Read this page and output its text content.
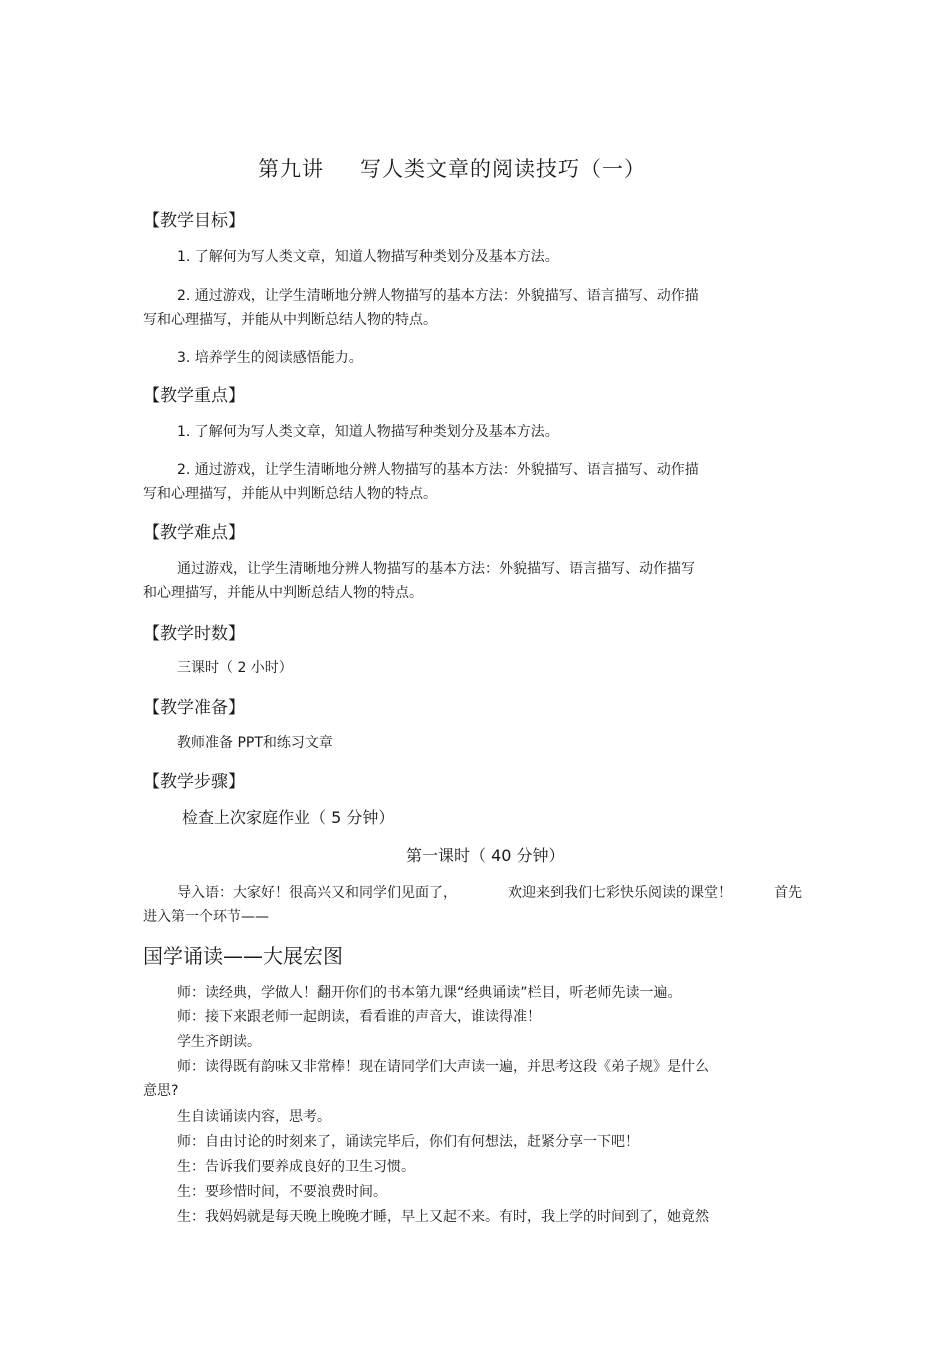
第九讲 写人类文章的阅读技巧（一）
【教学目标】
1. 了解何为写人类文章，知道人物描写种类划分及基本方法。
2. 通过游戏，让学生清晰地分辨人物描写的基本方法：外貌描写、语言描写、动作描
写和心理描写，并能从中判断总结人物的特点。
3. 培养学生的阅读感悟能力。
【教学重点】
1. 了解何为写人类文章，知道人物描写种类划分及基本方法。
2. 通过游戏，让学生清晰地分辨人物描写的基本方法：外貌描写、语言描写、动作描
写和心理描写，并能从中判断总结人物的特点。
【教学难点】
通过游戏，让学生清晰地分辨人物描写的基本方法：外貌描写、语言描写、动作描写
和心理描写，并能从中判断总结人物的特点。
【教学时数】
三课时（ 2 小时）
【教学准备】
教师准备 PPT和练习文章
【教学步骤】
检查上次家庭作业（ 5 分钟）
第一课时（ 40 分钟）
导入语：大家好！很高兴又和同学们见面了，	欢迎来到我们七彩快乐阅读的课堂！	首先
进入第一个环节——
国学诵读——大展宏图
师：读经典，学做人！翻开你们的书本第九课“经典诵读”栏目，听老师先读一遍。
师：接下来跟老师一起朗读，看看谁的声音大，谁读得准！
学生齐朗读。
师：读得既有韵味又非常棒！现在请同学们大声读一遍，并思考这段《弟子规》是什么
意思?
生自读诵读内容，思考。
师：自由讨论的时刻来了，诵读完毕后，你们有何想法，赶紧分享一下吧！
生：告诉我们要养成良好的卫生习惯。
生：要珍惜时间，不要浪费时间。
生：我妈妈就是每天晚上晚晚才睡，早上又起不来。有时，我上学的时间到了，她竟然
